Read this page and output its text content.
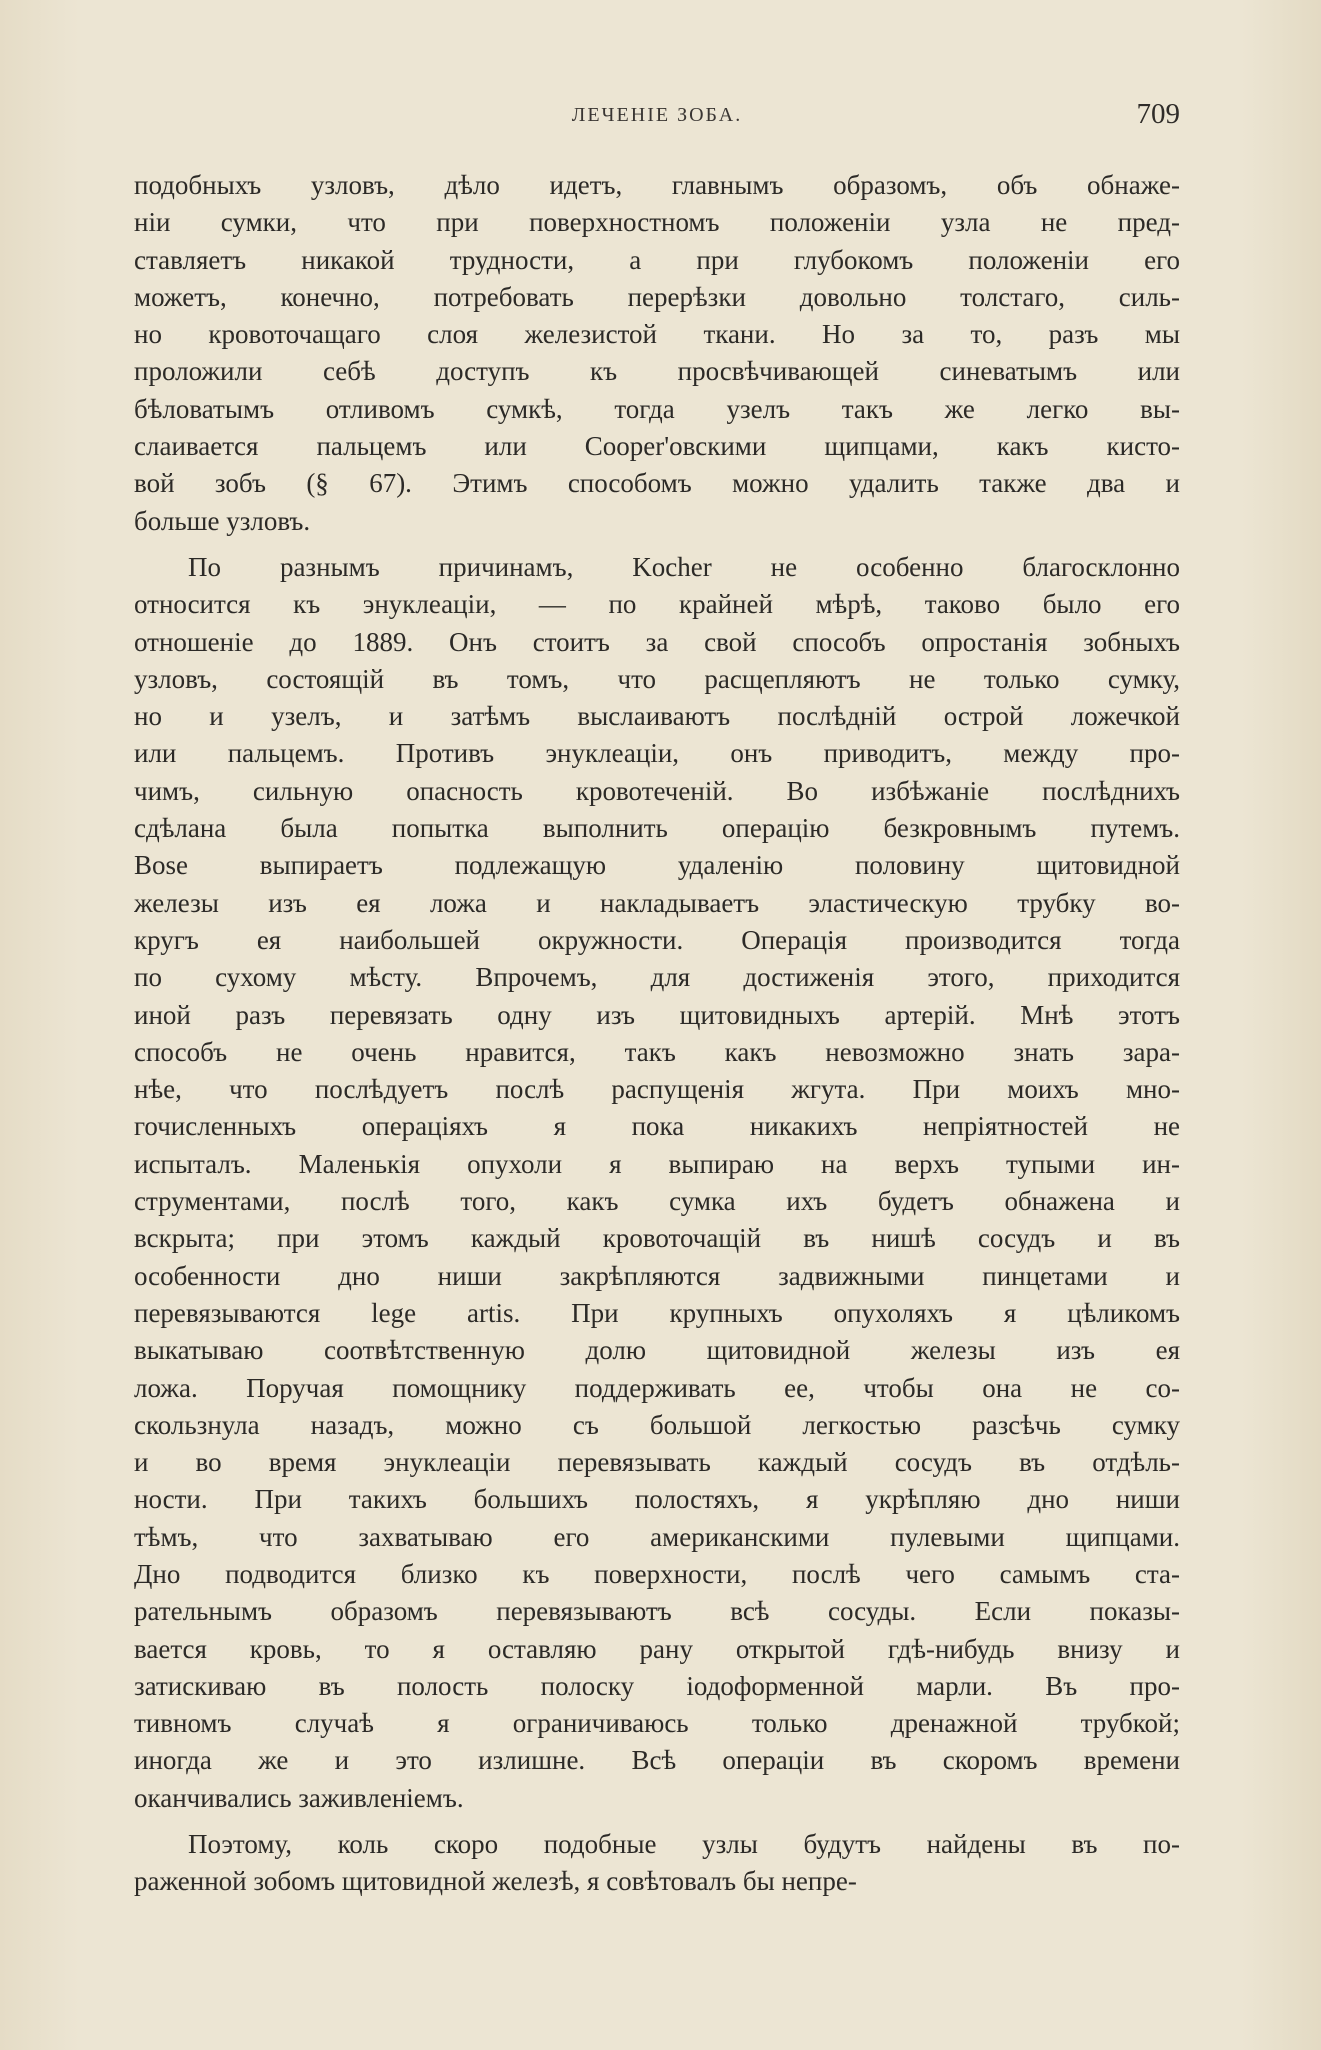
ЛЕЧЕНІЕ ЗОБА.	709
подобныхъ узловъ, дѣло идетъ, главнымъ образомъ, объ обнаже-
ніи сумки, что при поверхностномъ положеніи узла не пред-
ставляетъ никакой трудности, а при глубокомъ положеніи его
можетъ, конечно, потребовать перерѣзки довольно толстаго, силь-
но кровоточащаго слоя железистой ткани. Но за то, разъ мы
проложили себѣ доступъ къ просвѣчивающей синеватымъ или
бѣловатымъ отливомъ сумкѣ, тогда узелъ такъ же легко вы-
слаиваетcя пальцемъ или Cooper'овскими щипцами, какъ кисто-
вой зобъ (§ 67). Этимъ способомъ можно удалить также два и
больше узловъ.
По разнымъ причинамъ, Kocher не особенно благосклонно
относится къ энуклеаціи, — по крайней мѣрѣ, таково было его
отношеніе до 1889. Онъ стоитъ за свой способъ опростанія зобныхъ
узловъ, состоящій въ томъ, что расщепляютъ не только сумку,
но и узелъ, и затѣмъ выслаиваютъ послѣдній острой ложечкой
или пальцемъ. Противъ энуклеаціи, онъ приводитъ, между про-
чимъ, сильную опасность кровотеченій. Во избѣжаніе послѣднихъ
сдѣлана была попытка выполнить операцію безкровнымъ путемъ.
Bose выпираетъ подлежащую удаленію половину щитовидной
железы изъ ея ложа и накладываетъ эластическую трубку во-
кругъ ея наибольшей окружности. Операція производится тогда
по сухому мѣсту. Впрочемъ, для достиженія этого, приходится
иной разъ перевязать одну изъ щитовидныхъ артерій. Мнѣ этотъ
способъ не очень нравится, такъ какъ невозможно знать зара-
нѣе, что послѣдуетъ послѣ распущенія жгута. При моихъ мно-
гочисленныхъ операціяхъ я пока никакихъ непріятностей не
испыталъ. Маленькія опухоли я выпираю на верхъ тупыми ин-
струментами, послѣ того, какъ сумка ихъ будетъ обнажена и
вскрыта; при этомъ каждый кровоточащій въ нишѣ сосудъ и въ
особенности дно ниши закрѣпляются задвижными пинцетами и
перевязываются lege artis. При крупныхъ опухоляхъ я цѣликомъ
выкатываю соотвѣтственную долю щитовидной железы изъ ея
ложа. Поручая помощнику поддерживать ее, чтобы она не со-
скользнула назадъ, можно съ большой легкостью разсѣчь сумку
и во время энуклеаціи перевязывать каждый сосудъ въ отдѣль-
ности. При такихъ большихъ полостяхъ, я укрѣпляю дно ниши
тѣмъ, что захватываю его американскими пулевыми щипцами.
Дно подводится близко къ поверхности, послѣ чего самымъ ста-
рательнымъ образомъ перевязываютъ всѣ сосуды. Если показы-
вается кровь, то я оставляю рану открытой гдѣ-нибудь внизу и
затискиваю въ полость полоску іодоформенной марли. Въ про-
тивномъ случаѣ я ограничиваюсь только дренажной трубкой;
иногда же и это излишне. Всѣ операціи въ скоромъ времени
оканчивались заживленіемъ.
Поэтому, коль скоро подобные узлы будутъ найдены въ по-
раженной зобомъ щитовидной железѣ, я совѣтовалъ бы непре-
